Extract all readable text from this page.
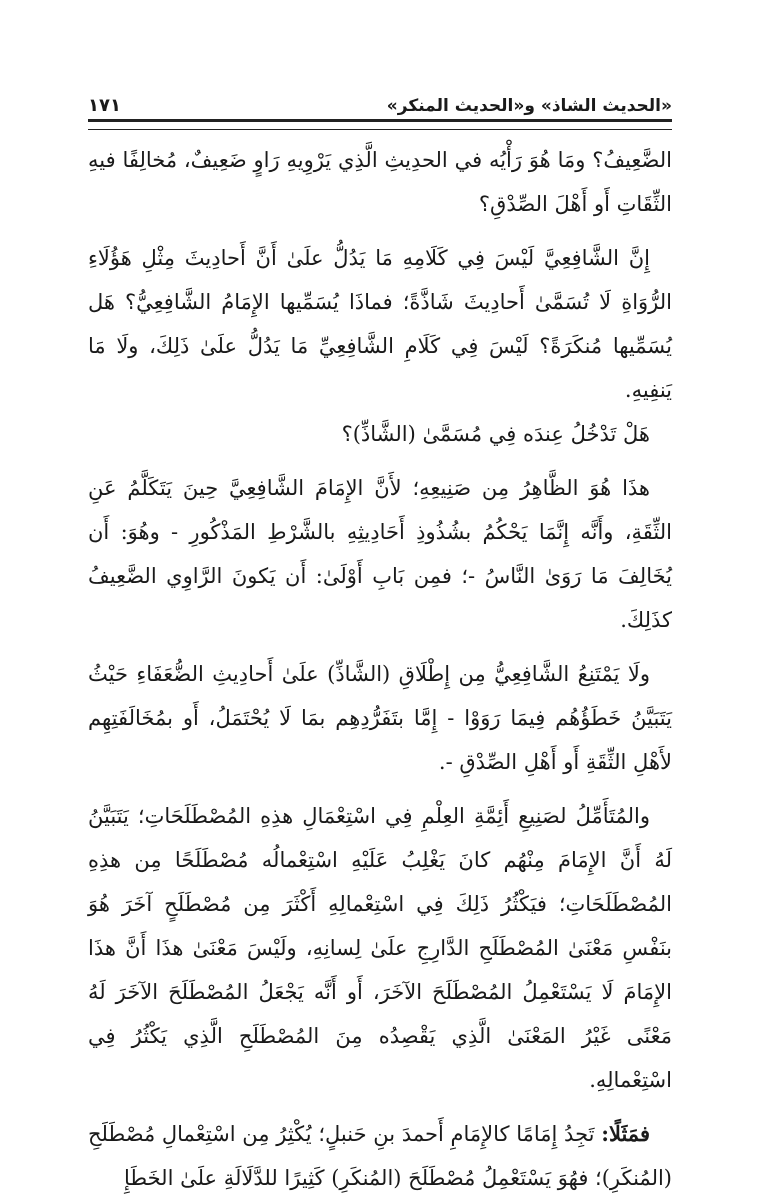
«الحديث الشاذ» و«الحديث المنكر»
١٧١

الضَّعِيفُ؟ ومَا هُوَ رَأْيُه في الحدِيثِ الَّذِي يَرْوِيهِ رَاوٍ ضَعِيفٌ، مُخالِفًا فيهِ الثِّقَاتِ أَو أَهْلَ الصِّدْقِ؟

إِنَّ الشَّافِعِيَّ لَيْسَ فِي كَلَامِهِ مَا يَدُلُّ علَىٰ أَنَّ أَحادِيثَ مِثْلِ هَؤُلَاءِ الرُّوَاةِ لَا تُسَمَّىٰ أَحادِيثَ شَاذَّةً؛ فماذَا يُسَمِّيها الإِمَامُ الشَّافِعِيُّ؟ هَل يُسَمِّيها مُنكَرَةً؟ لَيْسَ فِي كَلَامِ الشَّافِعِيِّ مَا يَدُلُّ علَىٰ ذَلِكَ، ولَا مَا يَنفِيهِ.

هَلْ تَدْخُلُ عِندَه فِي مُسَمَّىٰ (الشَّاذِّ)؟

هذَا هُوَ الظَّاهِرُ مِن صَنِيعِهِ؛ لأَنَّ الإِمَامَ الشَّافِعِيَّ حِينَ يَتَكَلَّمُ عَنِ الثِّقَةِ، وأَنَّه إِنَّمَا يَحْكُمُ بشُذُوذِ أَحَادِيثِهِ بالشَّرْطِ المَذْكُورِ - وهُوَ: أَن يُخَالِفَ مَا رَوَىٰ النَّاسُ -؛ فمِن بَابِ أَوْلَىٰ: أَن يَكونَ الرَّاوِي الضَّعِيفُ كذَلِكَ.

ولَا يَمْتَنِعُ الشَّافِعِيُّ مِن إِطْلَاقِ (الشَّاذِّ) علَىٰ أَحادِيثِ الضُّعَفَاءِ حَيْثُ يَتَبَيَّنُ خَطَؤُهُم فِيمَا رَوَوْا - إِمَّا بتَفَرُّدِهِم بمَا لَا يُحْتَمَلُ، أَو بمُخَالَفَتِهِم لأَهْلِ الثِّقَةِ أَو أَهْلِ الصِّدْقِ -.

والمُتَأَمِّلُ لصَنِيعِ أَئِمَّةِ العِلْمِ فِي اسْتِعْمَالِ هذِهِ المُصْطَلَحَاتِ؛ يَتَبَيَّنُ لَهُ أَنَّ الإِمَامَ مِنْهُم كانَ يَغْلِبُ عَلَيْهِ اسْتِعْمالُه مُصْطَلَحًا مِن هذِهِ المُصْطَلَحَاتِ؛ فيَكْثُرُ ذَلِكَ فِي اسْتِعْمالِهِ أَكْثَرَ مِن مُصْطَلَحٍ آخَرَ هُوَ بنَفْسِ مَعْنَىٰ المُصْطَلَحِ الدَّارِجِ علَىٰ لِسانِهِ، ولَيْسَ مَعْنَىٰ هذَا أَنَّ هذَا الإِمَامَ لَا يَسْتَعْمِلُ المُصْطَلَحَ الآخَرَ، أَو أَنَّه يَجْعَلُ المُصْطَلَحَ الآخَرَ لَهُ مَعْنًى غَيْرُ المَعْنَىٰ الَّذِي يَقْصِدُه مِنَ المُصْطَلَحِ الَّذِي يَكْثُرُ فِي اسْتِعْمالِهِ.

فمَثَلًا: تَجِدُ إِمَامًا كالإِمَامِ أَحمدَ بنِ حَنبلٍ؛ يُكْثِرُ مِن اسْتِعْمالِ مُصْطَلَحِ (المُنكَرِ)؛ فهُوَ يَسْتَعْمِلُ مُصْطَلَحَ (المُنكَرِ) كَثِيرًا للدَّلَالَةِ علَىٰ الخَطَإِ
